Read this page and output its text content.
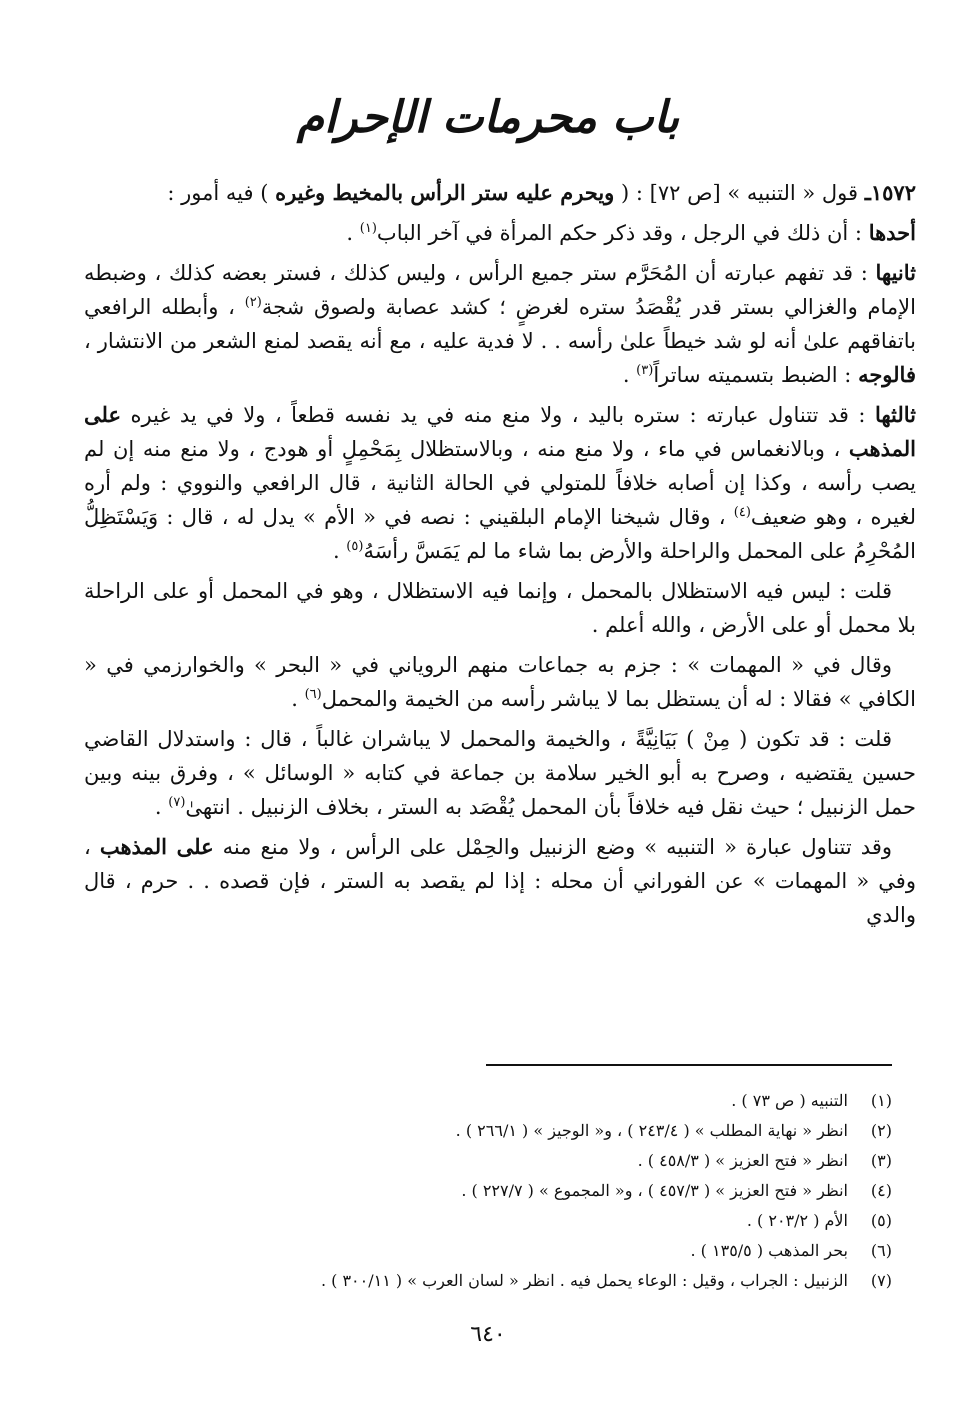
باب محرمات الإحرام

١٥٧٢ـ قول « التنبيه » [ص ٧٢] : ( ويحرم عليه ستر الرأس بالمخيط وغيره ) فيه أمور :

أحدها : أن ذلك في الرجل ، وقد ذكر حكم المرأة في آخر الباب$^{(١)}$ .

ثانيها : قد تفهم عبارته أن المُحَرَّم ستر جميع الرأس ، وليس كذلك ، فستر بعضه كذلك ، وضبطه الإمام والغزالي بستر قدر يُقْصَدُ ستره لغرضٍ ؛ كشد عصابة ولصوق شجة$^{(٢)}$ ، وأبطله الرافعي باتفاقهم علىٰ أنه لو شد خيطاً علىٰ رأسه . . لا فدية عليه ، مع أنه يقصد لمنع الشعر من الانتشار ، فالوجه : الضبط بتسميته ساتراً$^{(٣)}$ .

ثالثها : قد تتناول عبارته : ستره باليد ، ولا منع منه في يد نفسه قطعاً ، ولا في يد غيره على المذهب ، وبالانغماس في ماء ، ولا منع منه ، وبالاستظلال بِمَحْمِلٍ أو هودج ، ولا منع منه إن لم يصب رأسه ، وكذا إن أصابه خلافاً للمتولي في الحالة الثانية ، قال الرافعي والنووي : ولم أره لغيره ، وهو ضعيف$^{(٤)}$ ، وقال شيخنا الإمام البلقيني : نصه في « الأم » يدل له ، قال : وَيَسْتَظِلُّ المُحْرِمُ على المحمل والراحلة والأرض بما شاء ما لم يَمَسَّ رأسَهُ$^{(٥)}$ .

قلت : ليس فيه الاستظلال بالمحمل ، وإنما فيه الاستظلال ، وهو في المحمل أو على الراحلة بلا محمل أو على الأرض ، والله أعلم .

وقال في « المهمات » : جزم به جماعات منهم الروياني في « البحر » والخوارزمي في « الكافي » فقالا : له أن يستظل بما لا يباشر رأسه من الخيمة والمحمل$^{(٦)}$ .

قلت : قد تكون ( مِنْ ) بَيَانِيَّةً ، والخيمة والمحمل لا يباشران غالباً ، قال : واستدلال القاضي حسين يقتضيه ، وصرح به أبو الخير سلامة بن جماعة في كتابه « الوسائل » ، وفرق بينه وبين حمل الزنبيل ؛ حيث نقل فيه خلافاً بأن المحمل يُقْصَد به الستر ، بخلاف الزنبيل . انتهىٰ$^{(٧)}$ .

وقد تتناول عبارة « التنبيه » وضع الزنبيل والحِمْل على الرأس ، ولا منع منه على المذهب ، وفي « المهمات » عن الفوراني أن محله : إذا لم يقصد به الستر ، فإن قصده . . حرم ، قال والدي

(١)التنبيه ( ص ٧٣ ) .
(٢)انظر « نهاية المطلب » ( ٢٤٣/٤ ) ، و« الوجيز » ( ٢٦٦/١ ) .
(٣)انظر « فتح العزيز » ( ٤٥٨/٣ ) .
(٤)انظر « فتح العزيز » ( ٤٥٧/٣ ) ، و« المجموع » ( ٢٢٧/٧ ) .
(٥)الأم ( ٢٠٣/٢ ) .
(٦)بحر المذهب ( ١٣٥/٥ ) .
(٧)الزنبيل : الجراب ، وقيل : الوعاء يحمل فيه . انظر « لسان العرب » ( ٣٠٠/١١ ) .
٦٤٠
